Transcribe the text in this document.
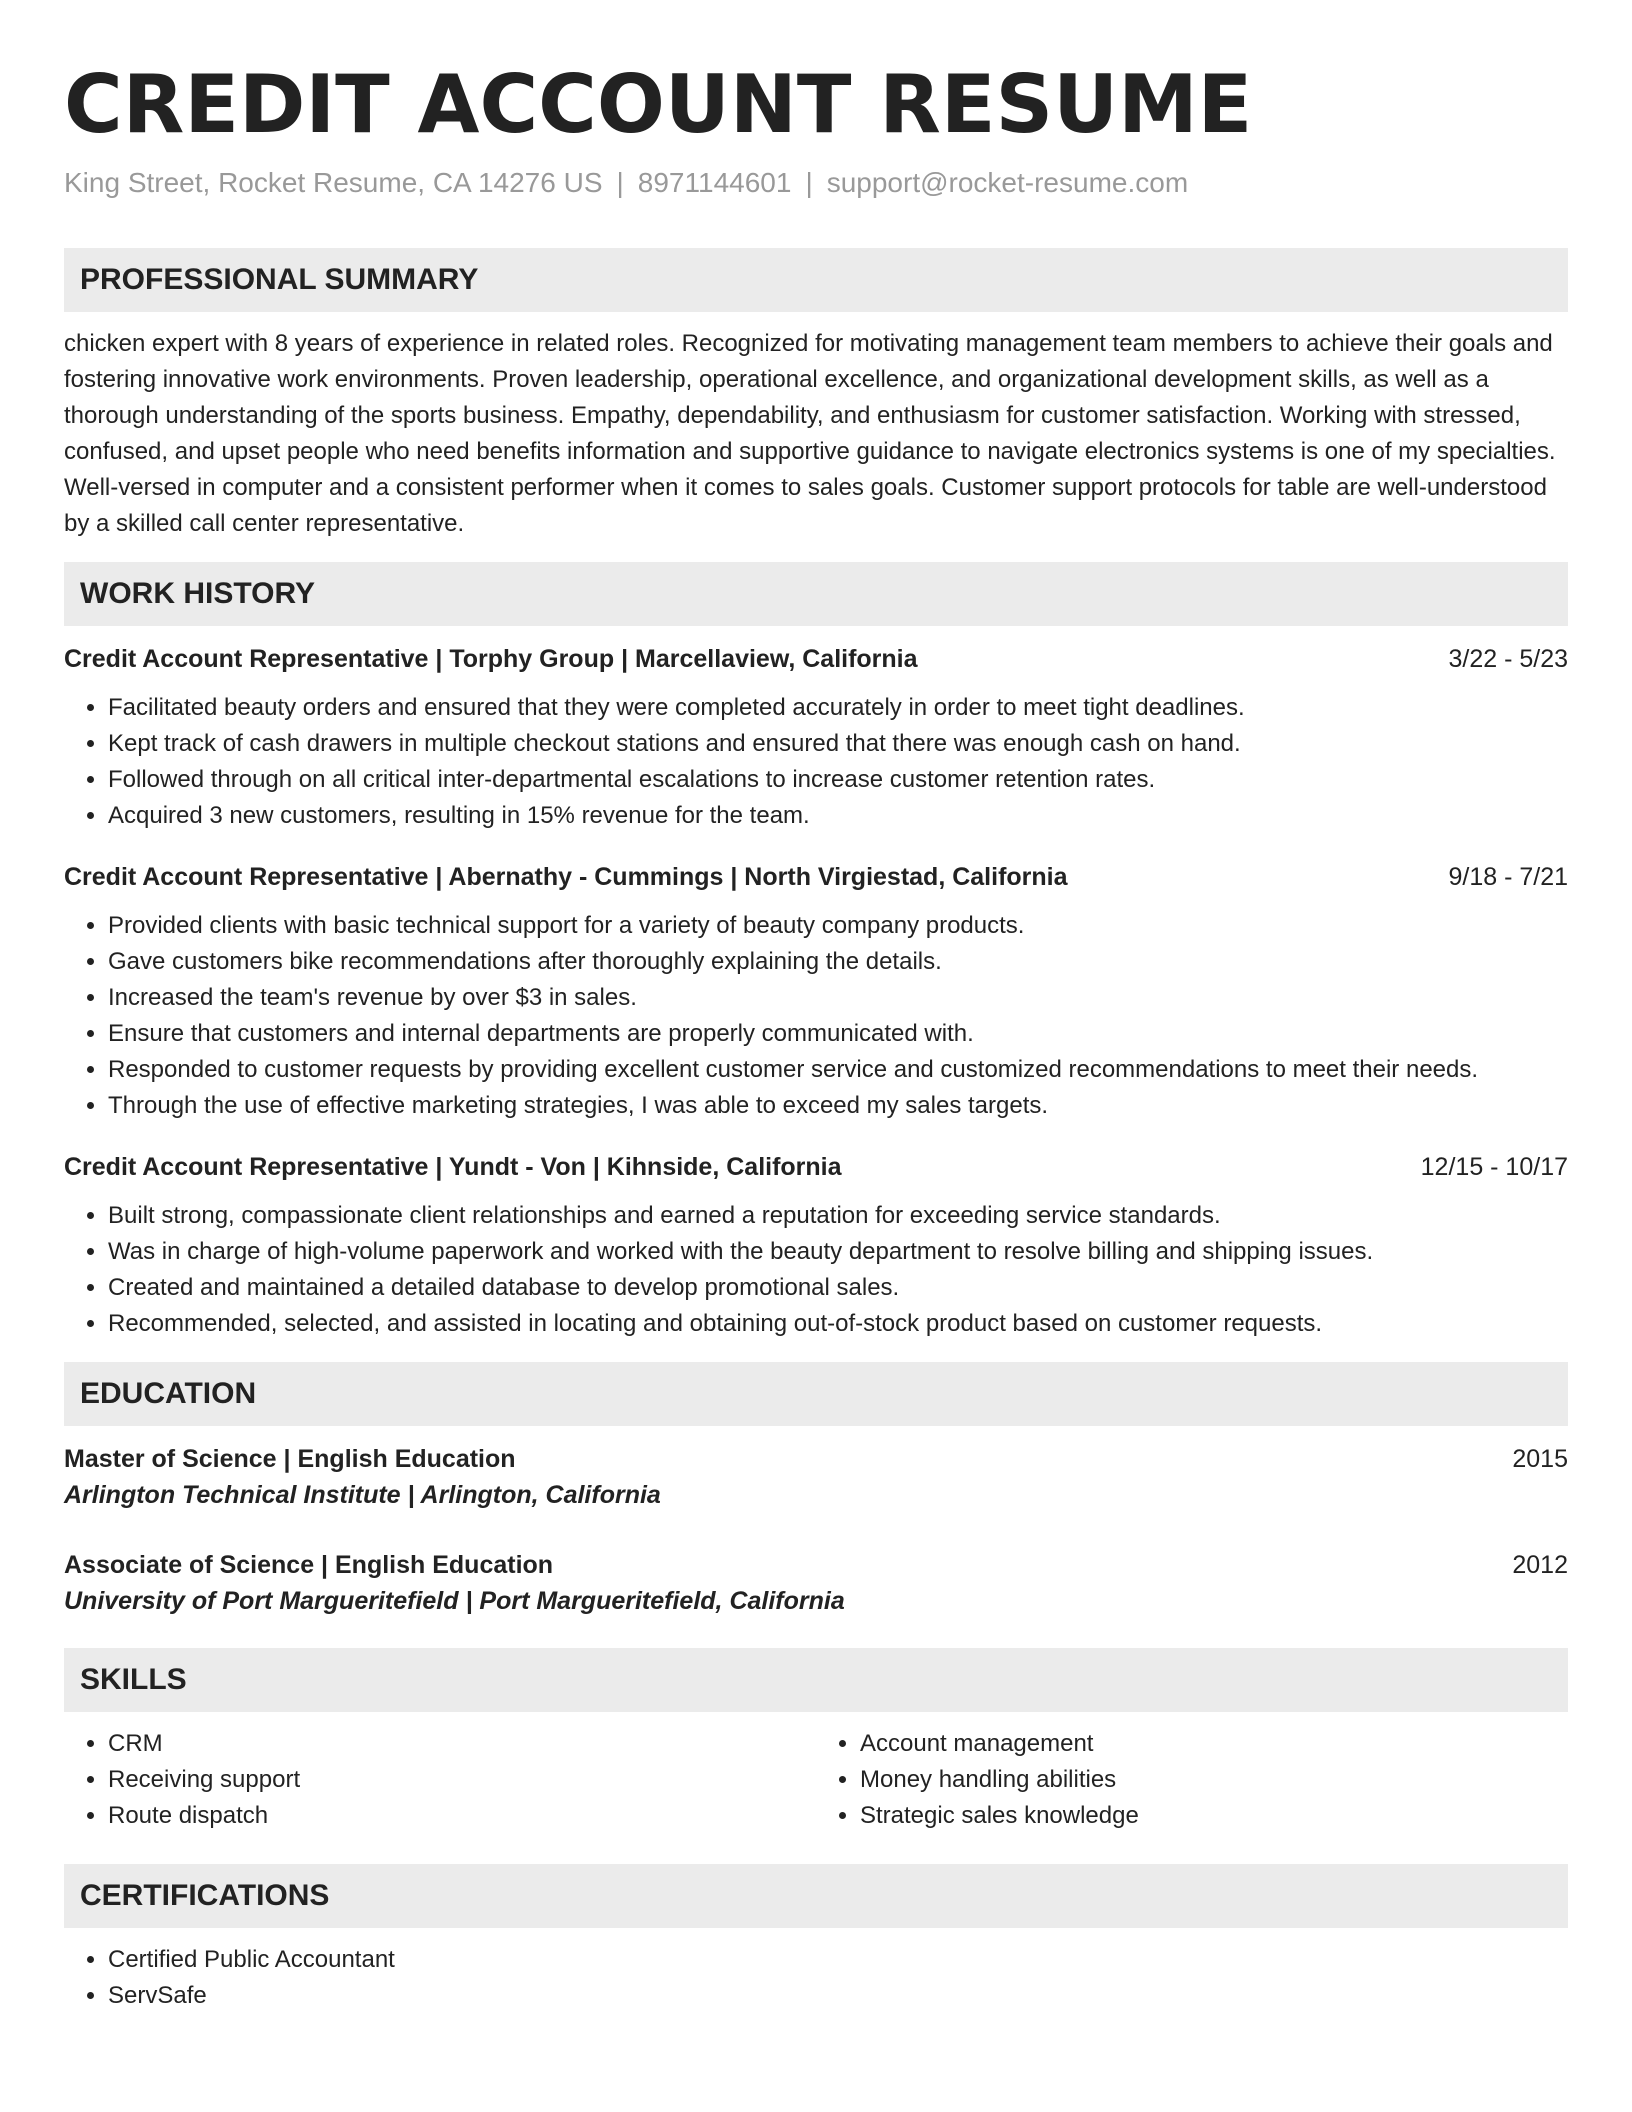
CREDIT ACCOUNT RESUME
King Street, Rocket Resume, CA 14276 US | 8971144601 | support@rocket-resume.com
PROFESSIONAL SUMMARY

chicken expert with 8 years of experience in related roles. Recognized for motivating management team members to achieve their goals and fostering innovative work environments. Proven leadership, operational excellence, and organizational development skills, as well as a thorough understanding of the sports business. Empathy, dependability, and enthusiasm for customer satisfaction. Working with stressed, confused, and upset people who need benefits information and supportive guidance to navigate electronics systems is one of my specialties. Well-versed in computer and a consistent performer when it comes to sales goals. Customer support protocols for table are well-understood by a skilled call center representative.

WORK HISTORY
Credit Account Representative | Torphy Group | Marcellaview, California	3/22 - 5/23
• Facilitated beauty orders and ensured that they were completed accurately in order to meet tight deadlines.
• Kept track of cash drawers in multiple checkout stations and ensured that there was enough cash on hand.
• Followed through on all critical inter-departmental escalations to increase customer retention rates.
• Acquired 3 new customers, resulting in 15% revenue for the team.
Credit Account Representative | Abernathy - Cummings | North Virgiestad, California	9/18 - 7/21
• Provided clients with basic technical support for a variety of beauty company products.
• Gave customers bike recommendations after thoroughly explaining the details.
• Increased the team's revenue by over $3 in sales.
• Ensure that customers and internal departments are properly communicated with.
• Responded to customer requests by providing excellent customer service and customized recommendations to meet their needs.
• Through the use of effective marketing strategies, I was able to exceed my sales targets.
Credit Account Representative | Yundt - Von | Kihnside, California	12/15 - 10/17
• Built strong, compassionate client relationships and earned a reputation for exceeding service standards.
• Was in charge of high-volume paperwork and worked with the beauty department to resolve billing and shipping issues.
• Created and maintained a detailed database to develop promotional sales.
• Recommended, selected, and assisted in locating and obtaining out-of-stock product based on customer requests.
EDUCATION
Master of Science | English Education	2015
Arlington Technical Institute | Arlington, California
Associate of Science | English Education	2012
University of Port Margueritefield | Port Margueritefield, California
SKILLS
• CRM
• Receiving support
• Route dispatch
• Account management
• Money handling abilities
• Strategic sales knowledge
CERTIFICATIONS
• Certified Public Accountant
• ServSafe
